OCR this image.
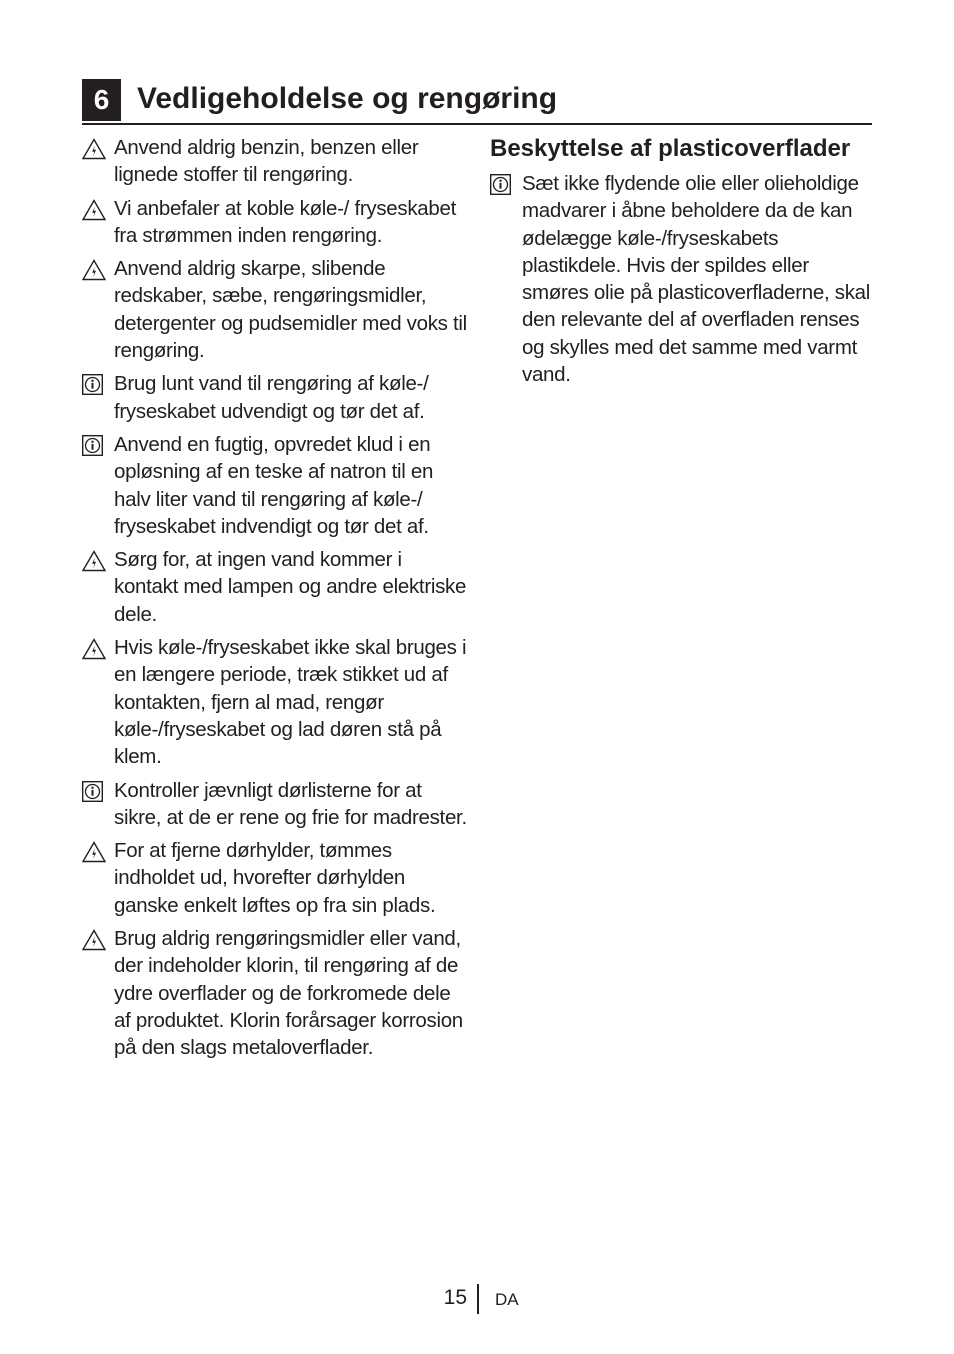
6 Vedligeholdelse og rengøring
Anvend aldrig benzin, benzen eller lignede stoffer til rengøring.
Vi anbefaler at koble køle-/ fryseskabet fra strømmen inden rengøring.
Anvend aldrig skarpe, slibende redskaber, sæbe, rengøringsmidler, detergenter og pudsemidler med voks til rengøring.
Brug lunt vand til rengøring af køle-/ fryseskabet udvendigt og tør det af.
Anvend en fugtig, opvredet klud i en opløsning af en teske af natron til en halv liter vand til rengøring af køle-/ fryseskabet indvendigt og tør det af.
Sørg for, at ingen vand kommer i kontakt med lampen og andre elektriske dele.
Hvis køle-/fryseskabet ikke skal bruges i en længere periode, træk stikket ud af kontakten, fjern al mad, rengør køle-/fryseskabet og lad døren stå på klem.
Kontroller jævnligt dørlisterne for at sikre, at de er rene og frie for madrester.
For at fjerne dørhylder, tømmes indholdet ud, hvorefter dørhylden ganske enkelt løftes op fra sin plads.
Brug aldrig rengøringsmidler eller vand, der indeholder klorin, til rengøring af de ydre overflader og de forkromede dele af produktet. Klorin forårsager korrosion på den slags metaloverflader.
Beskyttelse af plasticoverflader
Sæt ikke flydende olie eller olieholdige madvarer i åbne beholdere da de kan ødelægge køle-/fryseskabets plastikdele. Hvis der spildes eller smøres olie på plasticoverfladerne, skal den relevante del af overfladen renses og skylles med det samme med varmt vand.
15 DA
